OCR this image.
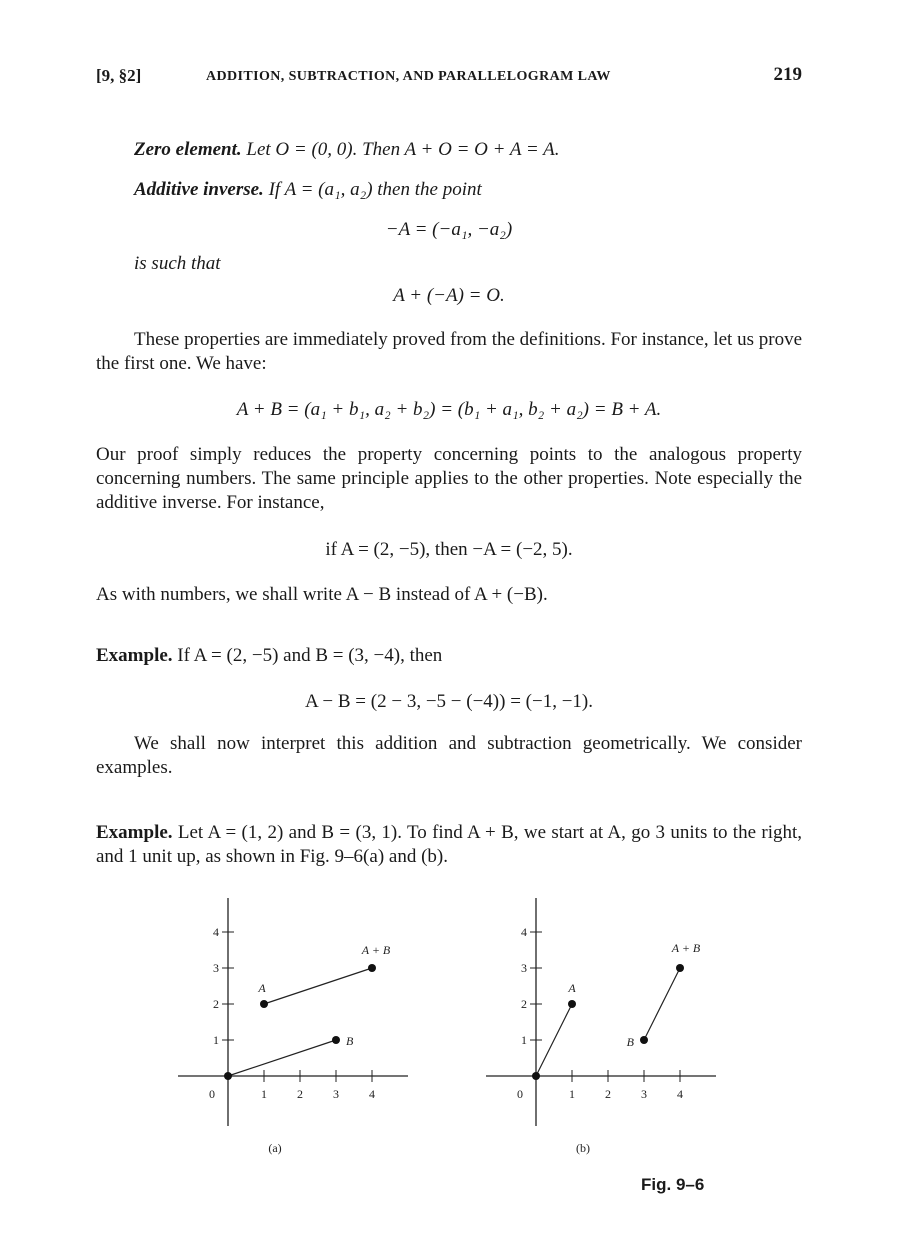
[9, §2]	ADDITION, SUBTRACTION, AND PARALLELOGRAM LAW	219
Zero element. Let O = (0, 0). Then A + O = O + A = A.
Additive inverse. If A = (a₁, a₂) then the point
−A = (−a₁, −a₂)
is such that
A + (−A) = O.
These properties are immediately proved from the definitions. For instance, let us prove the first one. We have:
A + B = (a₁ + b₁, a₂ + b₂) = (b₁ + a₁, b₂ + a₂) = B + A.
Our proof simply reduces the property concerning points to the analogous property concerning numbers. The same principle applies to the other properties. Note especially the additive inverse. For instance,
if A = (2, −5), then −A = (−2, 5).
As with numbers, we shall write A − B instead of A + (−B).
Example. If A = (2, −5) and B = (3, −4), then
A − B = (2 − 3, −5 − (−4)) = (−1, −1).
We shall now interpret this addition and subtraction geometrically. We consider examples.
Example. Let A = (1, 2) and B = (3, 1). To find A + B, we start at A, go 3 units to the right, and 1 unit up, as shown in Fig. 9–6(a) and (b).
1
1
2
2
3
3
4
4
0
A
B
A + B
(a)
1
1
2
2
3
3
4
4
0
A
B
A + B
(b)
Fig. 9–6
